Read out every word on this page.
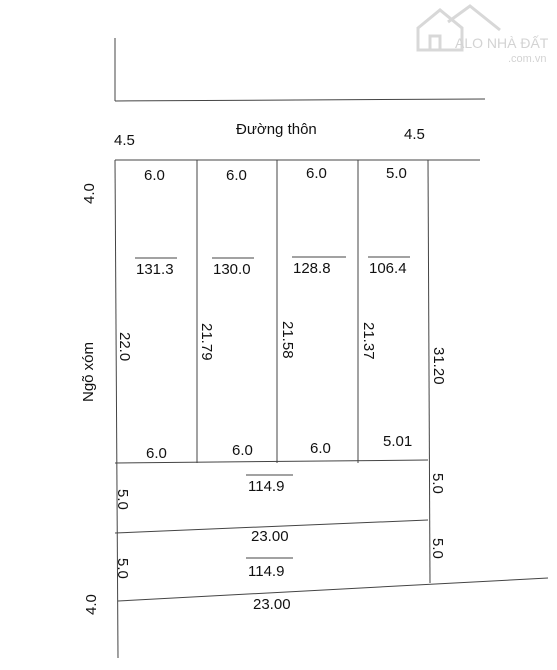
ALO NHÀ ĐẤT
.com.vn
Đường thôn
Ngõ xóm
4.5	4.5
4.0
4.0
31.20
6.0
131.3
22.0
6.0
6.0
130.0
21.79
6.0
6.0
128.8
21.58
6.0
5.0
106.4
21.37
5.01
114.9
5.0
5.0
23.00
114.9
5.0
5.0
23.00
